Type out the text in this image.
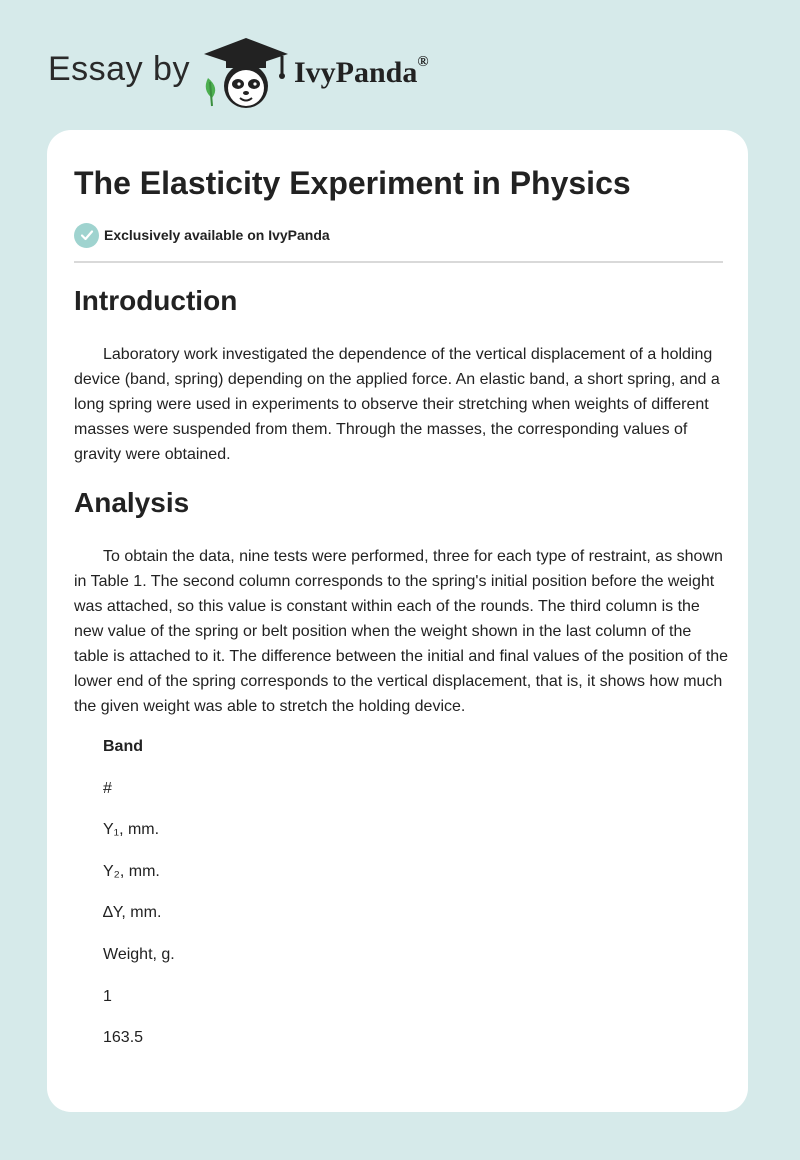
Essay by	IvyPanda®
The Elasticity Experiment in Physics
Exclusively available on IvyPanda
Introduction

Laboratory work investigated the dependence of the vertical displacement of a holding device (band, spring) depending on the applied force. An elastic band, a short spring, and a long spring were used in experiments to observe their stretching when weights of different masses were suspended from them. Through the masses, the corresponding values of gravity were obtained.

Analysis

To obtain the data, nine tests were performed, three for each type of restraint, as shown in Table 1. The second column corresponds to the spring's initial position before the weight was attached, so this value is constant within each of the rounds. The third column is the new value of the spring or belt position when the weight shown in the last column of the table is attached to it. The difference between the initial and final values of the position of the lower end of the spring corresponds to the vertical displacement, that is, it shows how much the given weight was able to stretch the holding device.

Band

#

Y₁, mm.

Y₂, mm.

∆Y, mm.

Weight, g.

1

163.5
